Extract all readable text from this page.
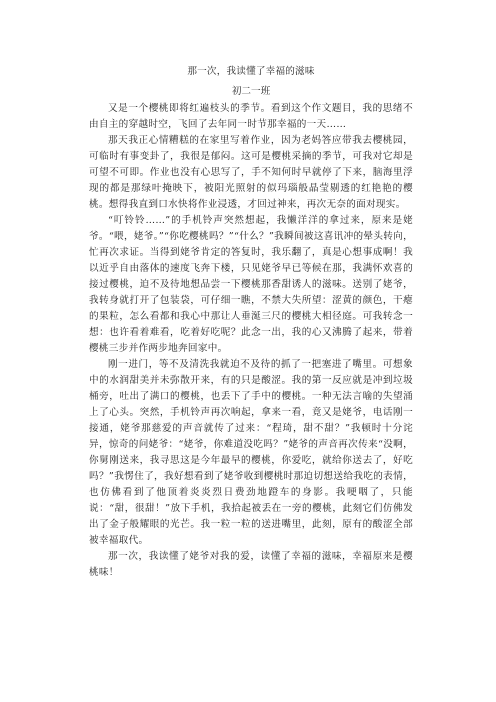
那一次，我读懂了幸福的滋味
初二一班

又是一个樱桃即将红遍枝头的季节。看到这个作文题目，我的思绪不由自主的穿越时空，飞回了去年同一时节那幸福的一天……

那天我正心情糟糕的在家里写着作业，因为老妈答应带我去樱桃园，可临时有事变卦了，我很是郁闷。这可是樱桃采摘的季节，可我对它却是可望不可即。作业也没有心思写了，手不知何时早就停了下来，脑海里浮现的都是那绿叶掩映下，被阳光照射的似玛瑙般晶莹剔透的红艳艳的樱桃。想得我直到口水快将作业浸透，才回过神来，再次无奈的面对现实。

“叮铃铃……”的手机铃声突然想起，我懒洋洋的拿过来，原来是姥爷。“喂，姥爷。”“你吃樱桃吗？”“什么？”我瞬间被这喜讯冲的晕头转向，忙再次求证。当得到姥爷肯定的答复时，我乐翻了，真是心想事成啊！我以近乎自由落体的速度飞奔下楼，只见姥爷早已等候在那，我满怀欢喜的接过樱桃，迫不及待地想品尝一下樱桃那香甜诱人的滋味。送别了姥爷，我转身就打开了包装袋，可仔细一瞧，不禁大失所望：涩黄的颜色，干瘪的果粒，怎么看都和我心中那让人垂涎三尺的樱桃大相径庭。可我转念一想：也许看着难看，吃着好吃呢？此念一出，我的心又沸腾了起来，带着樱桃三步并作两步地奔回家中。

刚一进门，等不及清洗我就迫不及待的抓了一把塞进了嘴里。可想象中的水润甜美并未弥散开来，有的只是酸涩。我的第一反应就是冲到垃圾桶旁，吐出了满口的樱桃，也丢下了手中的樱桃。一种无法言喻的失望涌上了心头。突然，手机铃声再次响起，拿来一看，竟又是姥爷，电话刚一接通，姥爷那慈爱的声音就传了过来：“程琦，甜不甜？”我顿时十分诧异，惊奇的问姥爷：“姥爷，你难道没吃吗？”姥爷的声音再次传来“没啊，你舅刚送来，我寻思这是今年最早的樱桃，你爱吃，就给你送去了，好吃吗？”我愣住了，我好想看到了姥爷收到樱桃时那迫切想送给我吃的表情，也仿佛看到了他顶着炎炎烈日费劲地蹬车的身影。我哽咽了，只能说：“甜，很甜！”放下手机，我拾起被丢在一旁的樱桃，此刻它们仿佛发出了金子般耀眼的光芒。我一粒一粒的送进嘴里，此刻，原有的酸涩全部被幸福取代。

那一次，我读懂了姥爷对我的爱，读懂了幸福的滋味，幸福原来是樱桃味！
